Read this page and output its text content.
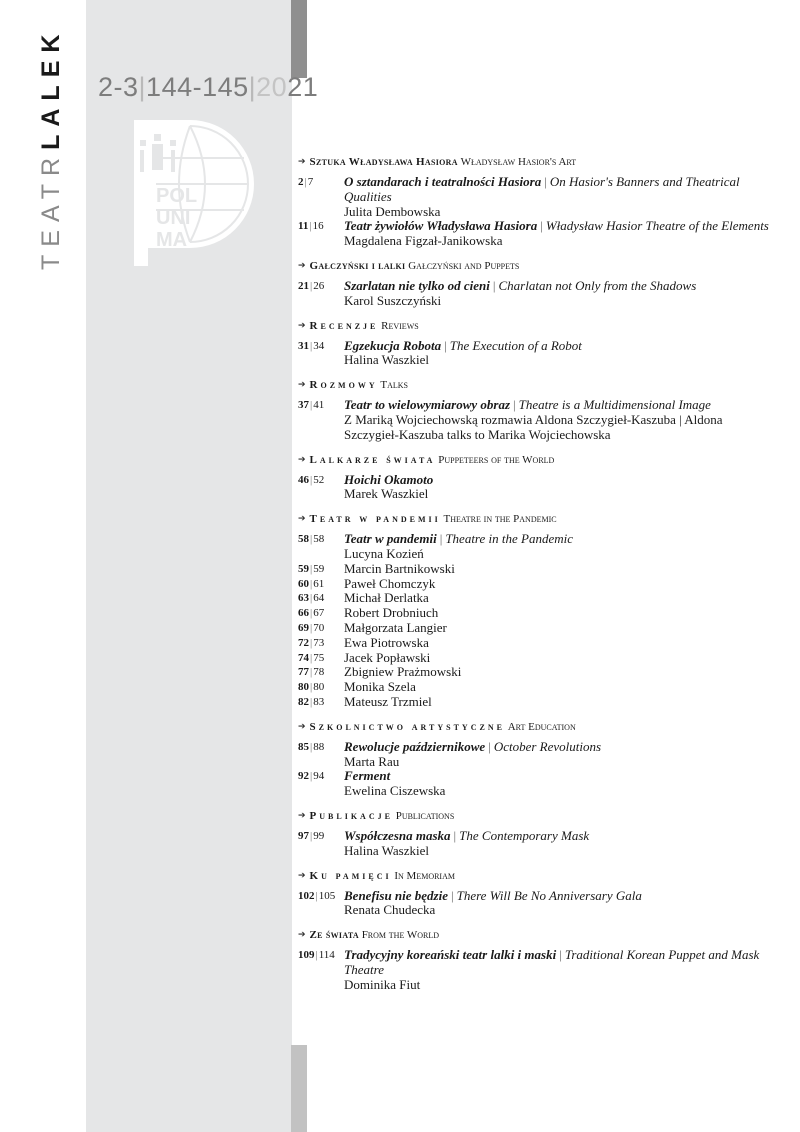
TEATRLALEK 2-3|144-145|2021
POL
UNI
MA
➔ Sztuka Władysława Hasiora Władysław Hasior's Art
2|7	O sztandarach i teatralności Hasiora | On Hasior's Banners and Theatrical Qualities
Julita Dembowska
11|16	Teatr żywiołów Władysława Hasiora | Władysław Hasior Theatre of the Elements
Magdalena Figzał-Janikowska
➔ Gałczyński i lalki Gałczyński and Puppets
21|26	Szarlatan nie tylko od cieni | Charlatan not Only from the Shadows
Karol Suszczyński
➔ Recenzje Reviews
31|34	Egzekucja Robota | The Execution of a Robot
Halina Waszkiel
➔ Rozmowy Talks
37|41	Teatr to wielowymiarowy obraz | Theatre is a Multidimensional Image
Z Mariką Wojciechowską rozmawia Aldona Szczygieł-Kaszuba | Aldona Szczygieł-Kaszuba talks to Marika Wojciechowska
➔ Lalkarze świata Puppeteers of the World
46|52	Hoichi Okamoto
Marek Waszkiel
➔ Teatr w pandemii Theatre in the Pandemic
58|58	Teatr w pandemii | Theatre in the Pandemic
Lucyna Kozień
59|59	Marcin Bartnikowski
60|61	Paweł Chomczyk
63|64	Michał Derlatka
66|67	Robert Drobniuch
69|70	Małgorzata Langier
72|73	Ewa Piotrowska
74|75	Jacek Popławski
77|78	Zbigniew Prażmowski
80|80	Monika Szela
82|83	Mateusz Trzmiel
➔ Szkolnictwo artystyczne Art Education
85|88	Rewolucje październikowe | October Revolutions
Marta Rau
92|94	Ferment
Ewelina Ciszewska
➔ Publikacje Publications
97|99	Współczesna maska | The Contemporary Mask
Halina Waszkiel
➔ Ku pamięci In Memoriam
102|105 Benefisu nie będzie | There Will Be No Anniversary Gala
Renata Chudecka
➔ Ze świata From the World
109|114 Tradycyjny koreański teatr lalki i maski | Traditional Korean Puppet and Mask Theatre
Dominika Fiut
